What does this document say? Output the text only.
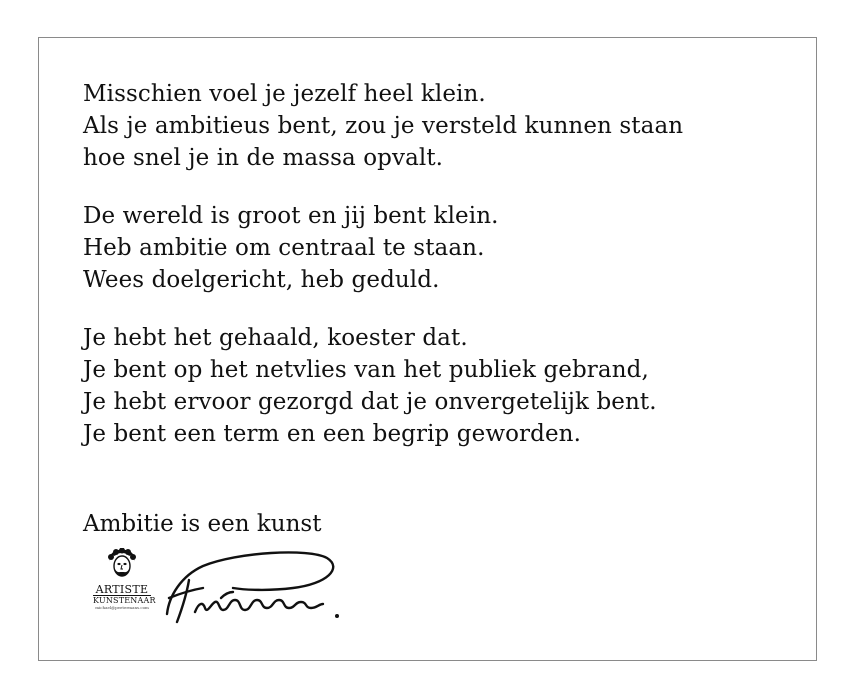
Misschien voel je jezelf heel klein.
Als je ambitieus bent, zou je versteld kunnen staan
hoe snel je in de massa opvalt.
De wereld is groot en jij bent klein.
Heb ambitie om centraal te staan.
Wees doelgericht, heb geduld.
Je hebt het gehaald, koester dat.
Je bent op het netvlies van het publiek gebrand,
Je hebt ervoor gezorgd dat je onvergetelijk bent.
Je bent een term en een begrip geworden.
Ambitie is een kunst
ARTISTE
KUNSTENAAR
michael@peetermans.com
